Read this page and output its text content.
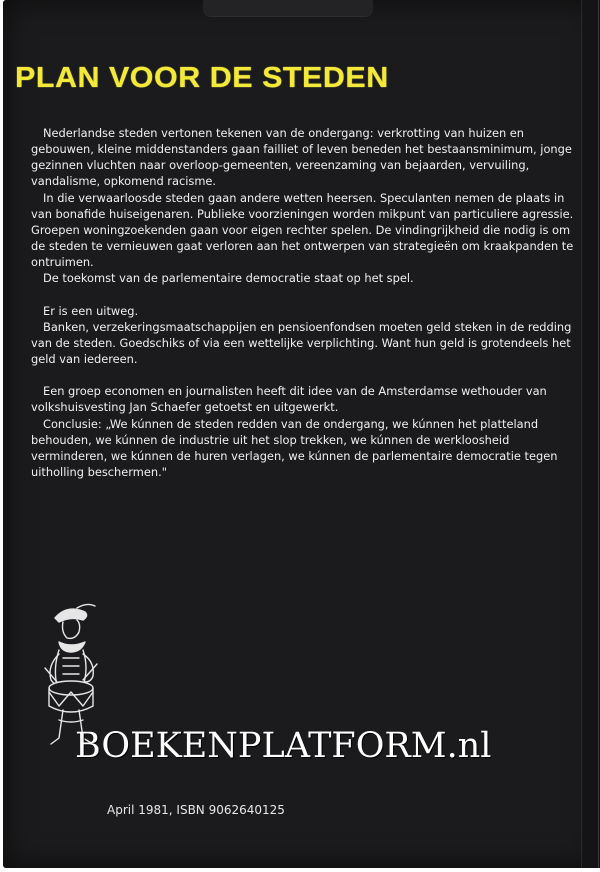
PLAN VOOR DE STEDEN

Nederlandse steden vertonen tekenen van de ondergang: verkrotting van huizen en gebouwen, kleine middenstanders gaan failliet of leven beneden het bestaansminimum, jonge gezinnen vluchten naar overloop-gemeenten, vereenzaming van bejaarden, vervuiling, vandalisme, opkomend racisme.

In die verwaarloosde steden gaan andere wetten heersen. Speculanten nemen de plaats in van bonafide huiseigenaren. Publieke voorzieningen worden mikpunt van particuliere agressie. Groepen woningzoekenden gaan voor eigen rechter spelen. De vindingrijkheid die nodig is om de steden te vernieuwen gaat verloren aan het ontwerpen van strategieën om kraakpanden te ontruimen.

De toekomst van de parlementaire democratie staat op het spel.

Er is een uitweg.

Banken, verzekeringsmaatschappijen en pensioenfondsen moeten geld steken in de redding van de steden. Goedschiks of via een wettelijke verplichting. Want hun geld is grotendeels het geld van iedereen.

Een groep economen en journalisten heeft dit idee van de Amsterdamse wethouder van volkshuisvesting Jan Schaefer getoetst en uitgewerkt.

Conclusie: „We kúnnen de steden redden van de ondergang, we kúnnen het platteland behouden, we kúnnen de industrie uit het slop trekken, we kúnnen de werkloosheid verminderen, we kúnnen de huren verlagen, we kúnnen de parlementaire democratie tegen uitholling beschermen."

BOEKENPLATFORM.nl
April 1981, ISBN 9062640125
